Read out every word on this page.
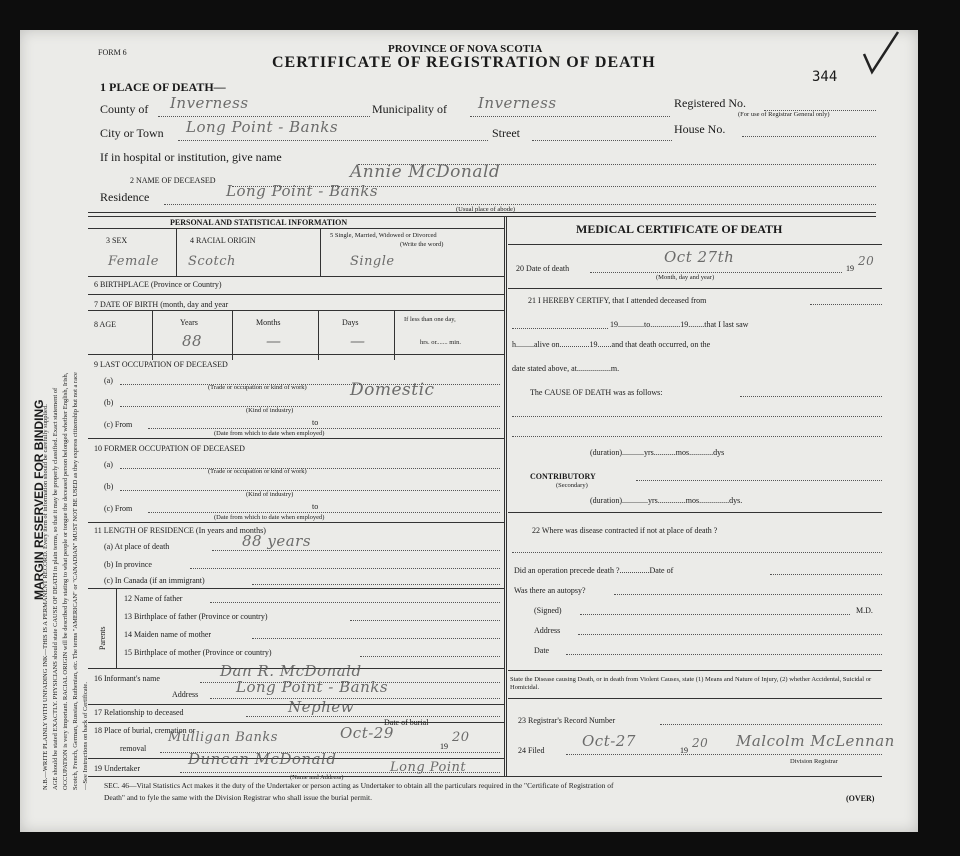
MARGIN RESERVED FOR BINDING
N.B.—WRITE PLAINLY WITH UNFADING INK—THIS IS A PERMANENT RECORD. Every item of information should be carefully supplied. AGE should be stated EXACTLY. PHYSICIANS should state CAUSE OF DEATH in plain terms, so that it may be properly classified. Exact statement of OCCUPATION is very important. RACIAL ORIGIN will be described by stating to what people or tongue the deceased person belonged whether English, Irish, Scotch, French, German, Russian, Ruthenian, etc. The terms "AMERICAN" or "CANADIAN" MUST NOT BE USED as they express citizenship but not a race —See Instructions on back of Certificate.
FORM 6	PROVINCE OF NOVA SCOTIA
CERTIFICATE OF REGISTRATION OF DEATH
344
1 PLACE OF DEATH—
County of Inverness	Municipality of Inverness	Registered No.
(For use of Registrar General only)
City or Town Long Point - Banks	Street	House No.
If in hospital or institution, give name
2 NAME OF DECEASED	Annie McDonald
Residence	Long Point - Banks
(Usual place of abode)
PERSONAL AND STATISTICAL INFORMATION
3 SEX	4 RACIAL ORIGIN
5 Single, Married, Widowed or Divorced
(Write the word)
Female Scotch	Single
6 BIRTHPLACE (Province or Country)
7 DATE OF BIRTH (month, day and year
8 AGE	Years	Months	Days	If less than one day,
hrs. or....... min.
88	—	—
9 LAST OCCUPATION OF DECEASED
(a)
(Trade or occupation or kind of work)
(b)
Domestic
(Kind of industry)
(c) From	to
(Date from which to date when employed)
10 FORMER OCCUPATION OF DECEASED
(a)
(Trade or occupation or kind of work)
(b)
(Kind of industry)
(c) From	to
(Date from which to date when employed)
11 LENGTH OF RESIDENCE (In years and months)
(a) At place of death	88 years
(b) In province
(c) In Canada (if an immigrant)
Parents
12 Name of father
13 Birthplace of father (Province or country)
14 Maiden name of mother
15 Birthplace of mother (Province or country)
16 Informant's name	Dan R. McDonald
Address	Long Point - Banks
17 Relationship to deceased	Nephew
18 Place of burial, cremation or
Date of burial
removal
Mulligan Banks	Oct-29
19
20
19 Undertaker
Duncan McDonald	Long Point
(Name and Address)
MEDICAL CERTIFICATE OF DEATH
20 Date of death
Oct 27th
19
20
(Month, day and year)
21 I HEREBY CERTIFY, that I attended deceased from
19.............to...............19........that I last saw
h.........alive on...............19.......and that death occurred, on the
date stated above, at.................m.
The CAUSE OF DEATH was as follows:
(duration)...........yrs...........mos............dys
CONTRIBUTORY
(Secondary)
(duration).............yrs..............mos...............dys.
22 Where was disease contracted if not at place of death ?
Did an operation precede death ?...............Date of
Was there an autopsy?
(Signed)	M.D.
Address
Date
State the Disease causing Death, or in death from Violent Causes, state (1) Means and Nature of Injury, (2) whether Accidental, Suicidal or Homicidal.
23 Registrar's Record Number
24 Filed
Oct-27
19
20 Malcolm McLennan
Division Registrar
SEC. 46—Vital Statistics Act makes it the duty of the Undertaker or person acting as Undertaker to obtain all the particulars required in the "Certificate of Registration of
Death" and to fyle the same with the Division Registrar who shall issue the burial permit.	(OVER)
